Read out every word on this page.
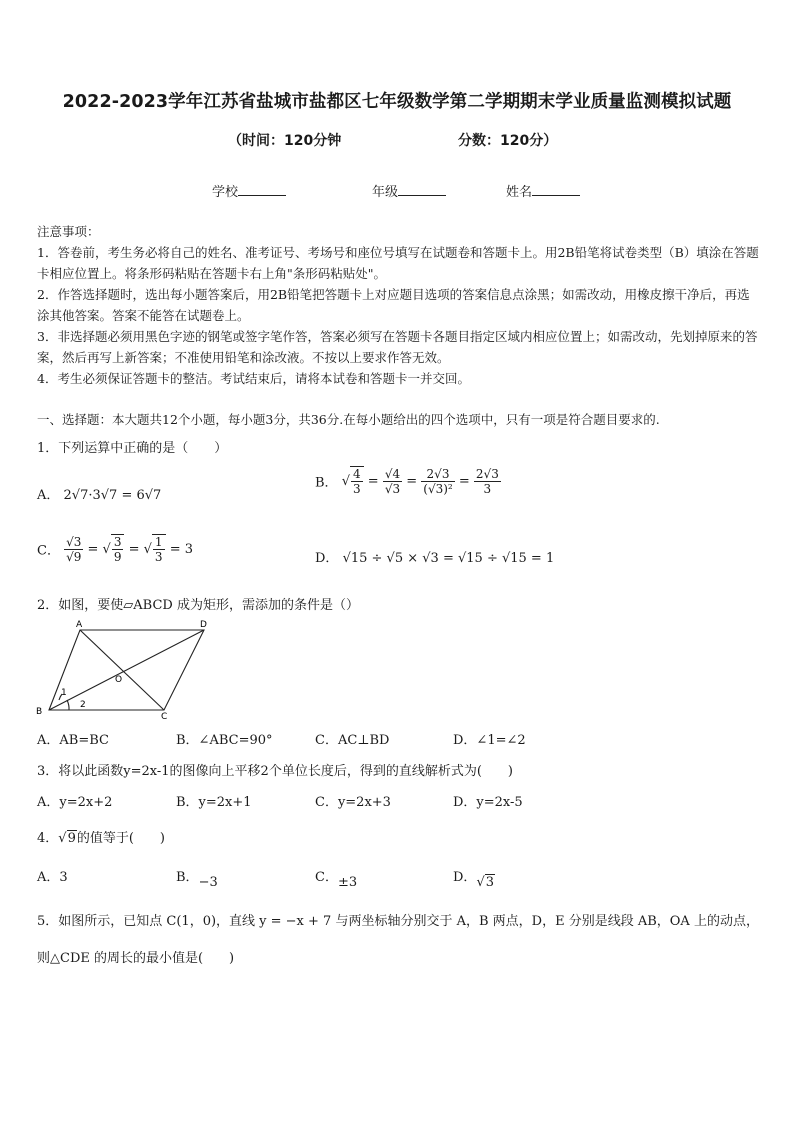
2022-2023学年江苏省盐城市盐都区七年级数学第二学期期末学业质量监测模拟试题
（时间：120分钟	分数：120分）
学校	年级	姓名
注意事项：
1．答卷前，考生务必将自己的姓名、准考证号、考场号和座位号填写在试题卷和答题卡上。用2B铅笔将试卷类型（B）填涂在答题卡相应位置上。将条形码粘贴在答题卡右上角"条形码粘贴处"。
2．作答选择题时，选出每小题答案后，用2B铅笔把答题卡上对应题目选项的答案信息点涂黑；如需改动，用橡皮擦干净后，再选涂其他答案。答案不能答在试题卷上。
3．非选择题必须用黑色字迹的钢笔或签字笔作答，答案必须写在答题卡各题目指定区域内相应位置上；如需改动，先划掉原来的答案，然后再写上新答案；不准使用铅笔和涂改液。不按以上要求作答无效。
4．考生必须保证答题卡的整洁。考试结束后，请将本试卷和答题卡一并交回。
一、选择题：本大题共12个小题，每小题3分，共36分.在每小题给出的四个选项中，只有一项是符合题目要求的.
1．下列运算中正确的是（　　）
A． 2√7·3√7 = 6√7
B． √ $\frac{4}{3} = \frac{√4}{√3} = \frac{2√3}{\text{(√3)²}} = \frac{2√3}{3}$
C． $\frac{√3}{√9}$ = √ $\frac{3}{9}$ = √ $\frac{1}{3} = 3$
D． √15 ÷ √5 × √3 = √15 ÷ √15 = 1
2．如图，要使▱ABCD 成为矩形，需添加的条件是（）
A	D
B	C
O
1
2
A．AB=BC	B．∠ABC=90°	C．AC⊥BD	D．∠1=∠2
3．将以此函数y=2x-1的图像向上平移2个单位长度后，得到的直线解析式为(　　)
A．y=2x+2	B．y=2x+1	C．y=2x+3	D．y=2x-5
4．√9的值等于(　　)
A．3	B．−3	C．±3	D．√3
5．如图所示，已知点 C(1，0)，直线 y = −x + 7 与两坐标轴分别交于 A，B 两点，D，E 分别是线段 AB，OA 上的动点，
则△CDE 的周长的最小值是(　　)
